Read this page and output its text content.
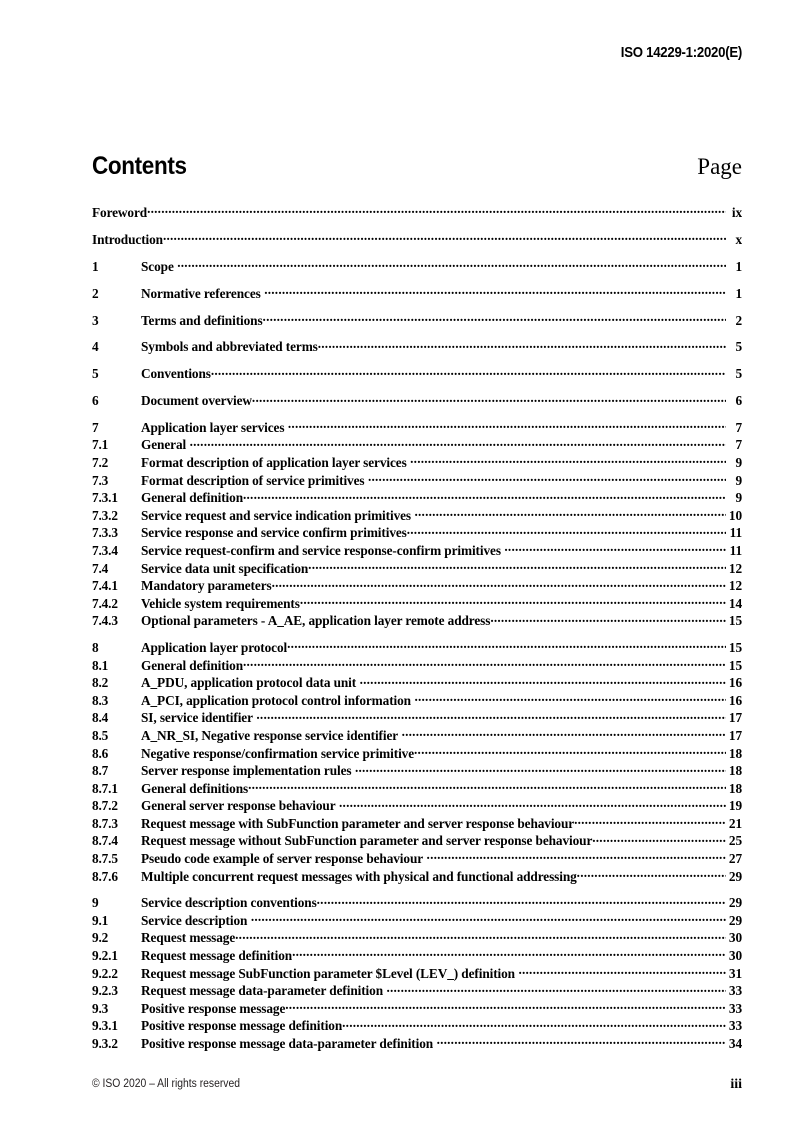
ISO 14229-1:2020(E)
Contents	Page
Foreword .....	ix
Introduction .....	x
1	Scope .....	1
2	Normative references .....	1
3	Terms and definitions .....	2
4	Symbols and abbreviated terms .....	5
5	Conventions .....	5
6	Document overview .....	6
7	Application layer services .....	7
7.1	General .....	7
7.2	Format description of application layer services .....	9
7.3	Format description of service primitives .....	9
7.3.1	General definition .....	9
7.3.2	Service request and service indication primitives .....	10
7.3.3	Service response and service confirm primitives .....	11
7.3.4	Service request-confirm and service response-confirm primitives .....	11
7.4	Service data unit specification .....	12
7.4.1	Mandatory parameters .....	12
7.4.2	Vehicle system requirements .....	14
7.4.3	Optional parameters - A_AE, application layer remote address .....	15
8	Application layer protocol .....	15
8.1	General definition .....	15
8.2	A_PDU, application protocol data unit .....	16
8.3	A_PCI, application protocol control information .....	16
8.4	SI, service identifier .....	17
8.5	A_NR_SI, Negative response service identifier .....	17
8.6	Negative response/confirmation service primitive .....	18
8.7	Server response implementation rules .....	18
8.7.1	General definitions .....	18
8.7.2	General server response behaviour .....	19
8.7.3	Request message with SubFunction parameter and server response behaviour .....	21
8.7.4	Request message without SubFunction parameter and server response behaviour .....	25
8.7.5	Pseudo code example of server response behaviour .....	27
8.7.6	Multiple concurrent request messages with physical and functional addressing .....	29
9	Service description conventions .....	29
9.1	Service description .....	29
9.2	Request message .....	30
9.2.1	Request message definition .....	30
9.2.2	Request message SubFunction parameter $Level (LEV_) definition .....	31
9.2.3	Request message data-parameter definition .....	33
9.3	Positive response message .....	33
9.3.1	Positive response message definition .....	33
9.3.2	Positive response message data-parameter definition .....	34
© ISO 2020 – All rights reserved	iii
